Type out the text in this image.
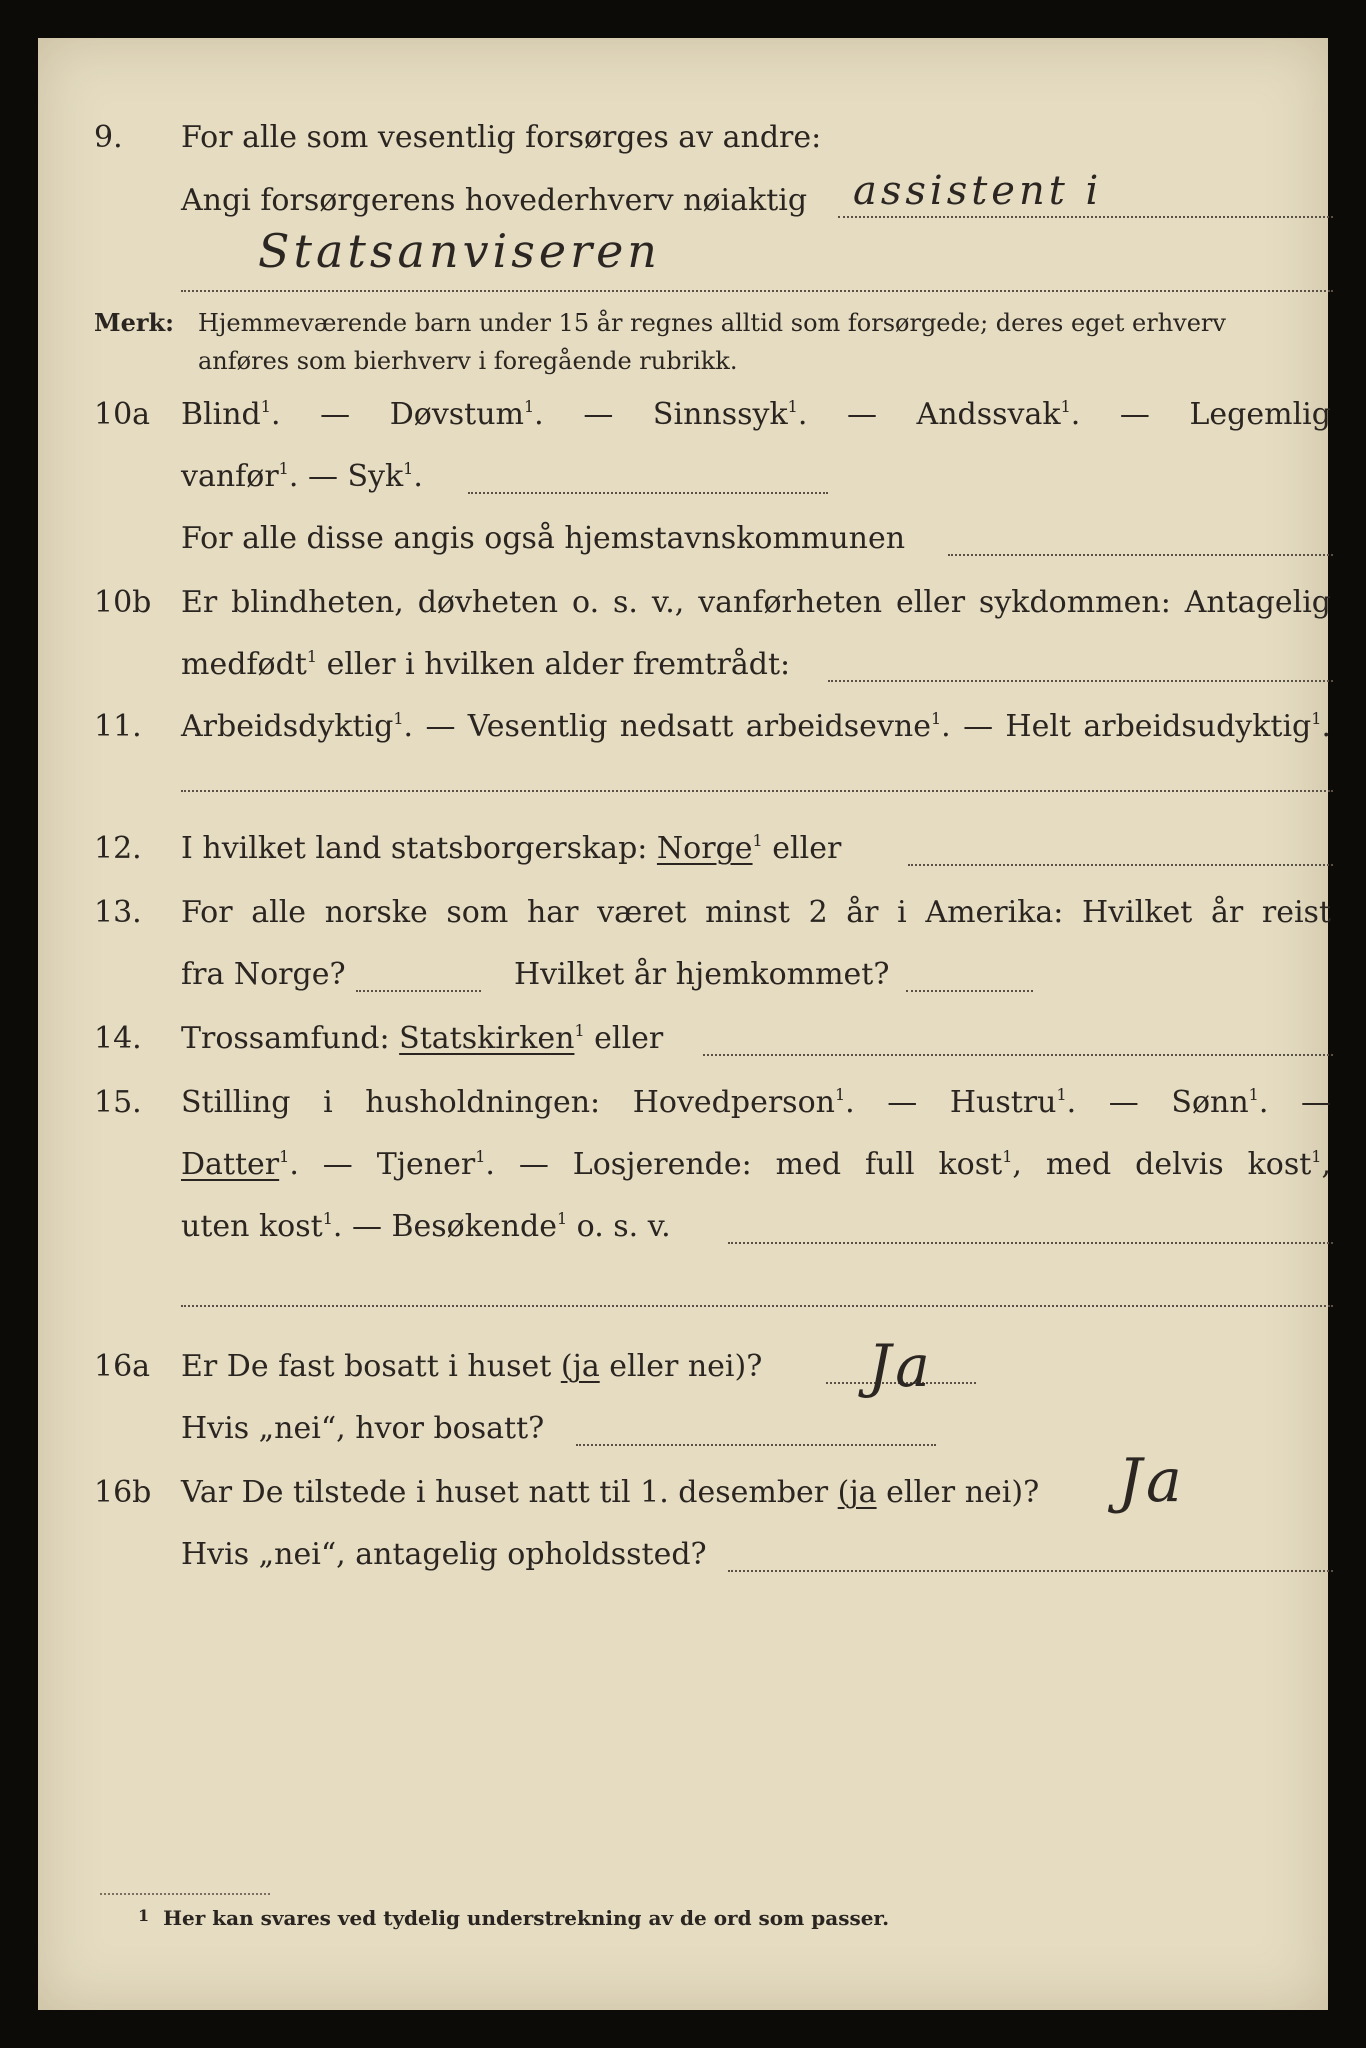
9. For alle som vesentlig forsørges av andre:
Angi forsørgerens hovederhverv nøiaktig assistent i
Statsanviseren
Merk: Hjemmeværende barn under 15 år regnes alltid som forsørgede; deres eget erhverv
anføres som bierhverv i foregående rubrikk.
10a Blind$^1$. — Døvstum$^1$. — Sinnssyk$^1$. — Andssvak$^1$. — Legemlig
vanfør$^1$. — Syk$^1$.
For alle disse angis også hjemstavnskommunen
10b Er blindheten, døvheten o. s. v., vanførheten eller sykdommen: Antagelig
medfødt$^1$ eller i hvilken alder fremtrådt:
11. Arbeidsdyktig$^1$. — Vesentlig nedsatt arbeidsevne$^1$. — Helt arbeidsudyktig$^1$.
12. I hvilket land statsborgerskap: Norge$^1$ eller
13. For alle norske som har været minst 2 år i Amerika: Hvilket år reist
fra Norge?	Hvilket år hjemkommet?
14. Trossamfund: Statskirken$^1$ eller
15. Stilling i husholdningen: Hovedperson$^1$. — Hustru$^1$. — Sønn$^1$. —
Datter$^1$. — Tjener$^1$. — Losjerende: med full kost$^1$, med delvis kost$^1$,
uten kost$^1$. — Besøkende$^1$ o. s. v.
16a Er De fast bosatt i huset (ja eller nei)? Ja
Hvis „nei“, hvor bosatt?
16b Var De tilstede i huset natt til 1. desember (ja eller nei)? Ja
Hvis „nei“, antagelig opholdssted?
$^1$ Her kan svares ved tydelig understrekning av de ord som passer.
